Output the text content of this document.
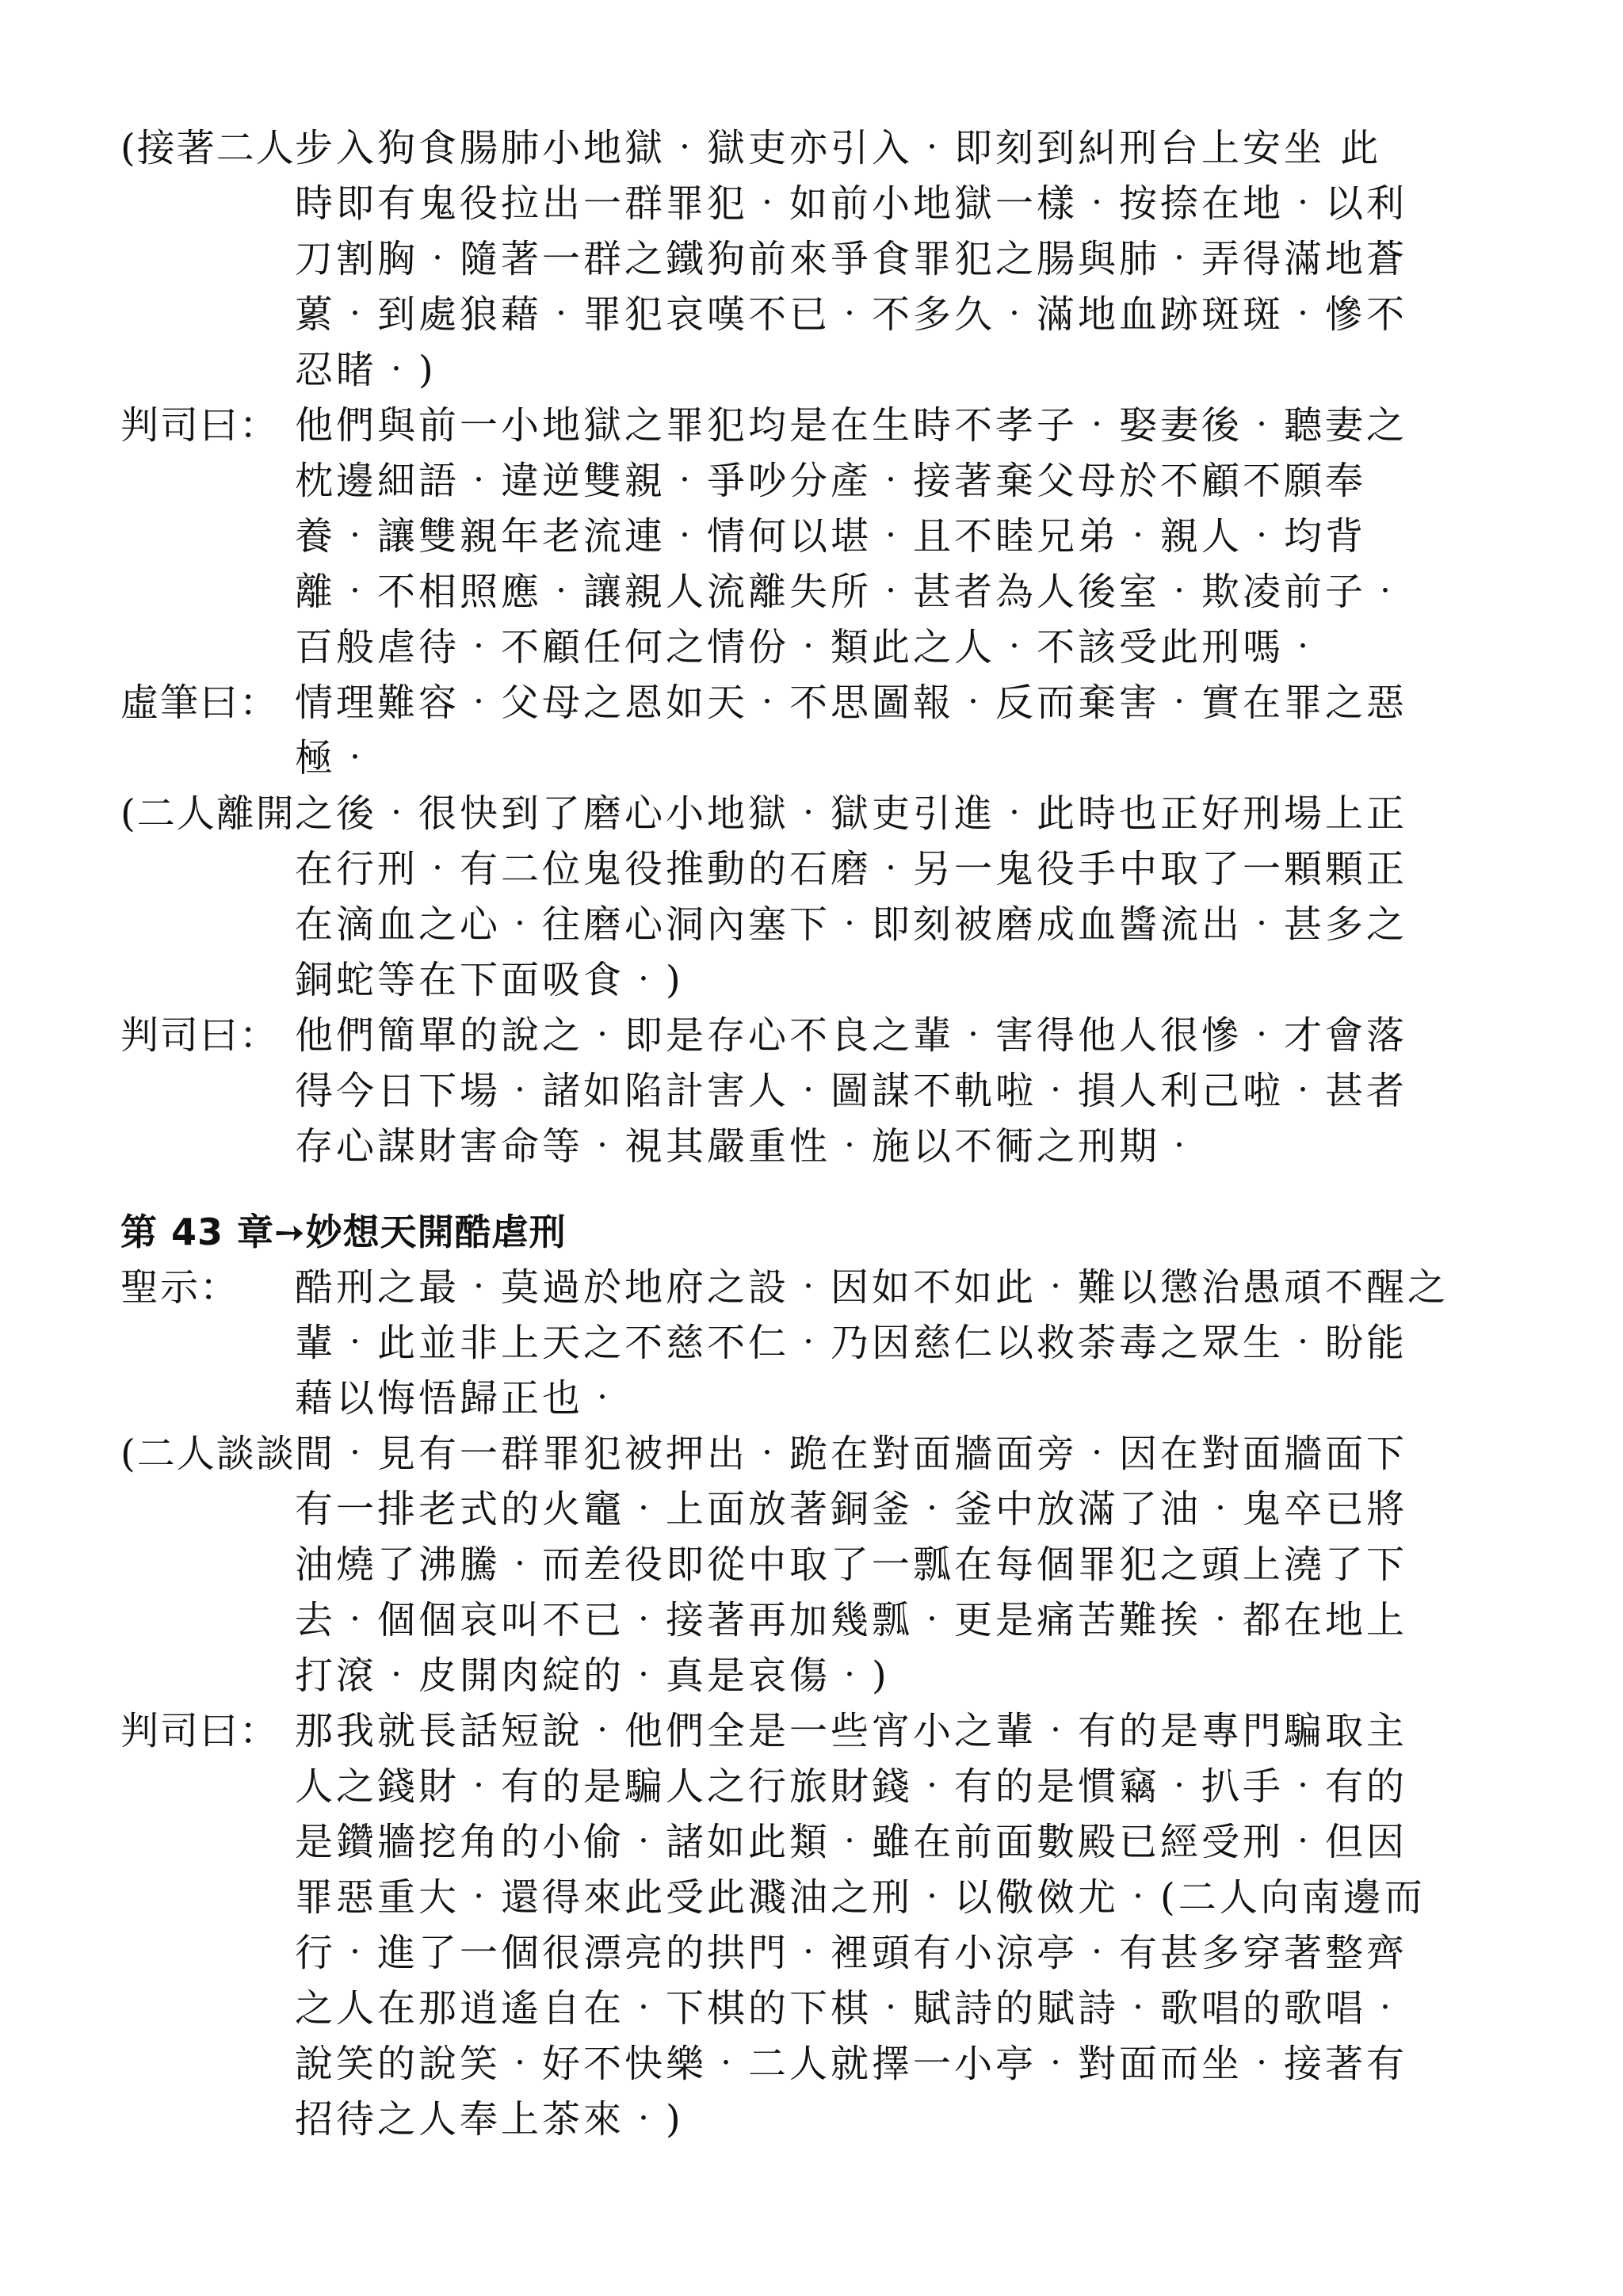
(接著二人 步入狗食腸肺小地獄‧獄吏亦引入‧即刻到糾刑台上安坐 此
時即有鬼役拉出一群罪犯‧如前小地獄一樣‧按捺在地‧以利
刀割胸‧隨著一群之鐵狗前來爭食罪犯之腸與肺‧弄得滿地蒼
蔂‧到處狼藉‧罪犯哀嘆不已‧不多久‧滿地血跡斑斑‧慘不
忍睹‧)
判司曰： 他們與前一小地獄之罪犯均是在生時不孝子‧娶妻後‧聽妻之
枕邊細語‧違逆雙親‧爭吵分產‧接著棄父母於不顧不願奉
養‧讓雙親年老流連‧情何以堪‧且不睦兄弟‧親人‧均背
離‧不相照應‧讓親人流離失所‧甚者為人後室‧欺凌前子‧
百般虐待‧不顧任何之情份‧類此之人‧不該受此刑嗎‧
虛筆曰： 情理難容‧父母之恩如天‧不思圖報‧反而棄害‧實在罪之惡
極‧
(二人離開 之後‧很快到了磨心小地獄‧獄吏引進‧此時也正好刑場上正
在行刑‧有二位鬼役推動的石磨‧另一鬼役手中取了一顆顆正
在滴血之心‧往磨心洞內塞下‧即刻被磨成血醬流出‧甚多之
銅蛇等在下面吸食‧)
判司曰： 他們簡單的說之‧即是存心不良之輩‧害得他人很慘‧才會落
得今日下場‧諸如陷計害人‧圖謀不軌啦‧損人利己啦‧甚者
存心謀財害命等‧視其嚴重性‧施以不衕之刑期‧
第 43 章➙妙想天開酷虐刑
聖示：	酷刑之最‧莫過於地府之設‧因如不如此‧難以懲治愚頑不醒之
輩‧此並非上天之不慈不仁‧乃因慈仁以救荼毒之眾生‧盼能
藉以悔悟歸正也‧
(二人談談 間‧見有一群罪犯被押出‧跪在對面牆面旁‧因在對面牆面下
有一排老式的火竈‧上面放著銅釜‧釜中放滿了油‧鬼卒已將
油燒了沸騰‧而差役即從中取了一瓢在每個罪犯之頭上澆了下
去‧個個哀叫不已‧接著再加幾瓢‧更是痛苦難挨‧都在地上
打滾‧皮開肉綻的‧真是哀傷‧)
判司曰： 那我就長話短說‧他們全是一些宵小之輩‧有的是專門騙取主
人之錢財‧有的是騙人之行旅財錢‧有的是慣竊‧扒手‧有的
是鑽牆挖角的小偷‧諸如此類‧雖在前面數殿已經受刑‧但因
罪惡重大‧還得來此受此濺油之刑‧以儆傚尤‧(二人向南邊而
行‧進了一個很漂亮的拱門‧裡頭有小涼亭‧有甚多穿著整齊
之人在那逍遙自在‧下棋的下棋‧賦詩的賦詩‧歌唱的歌唱‧
說笑的說笑‧好不快樂‧二人就擇一小亭‧對面而坐‧接著有
招待之人奉上茶來‧)
